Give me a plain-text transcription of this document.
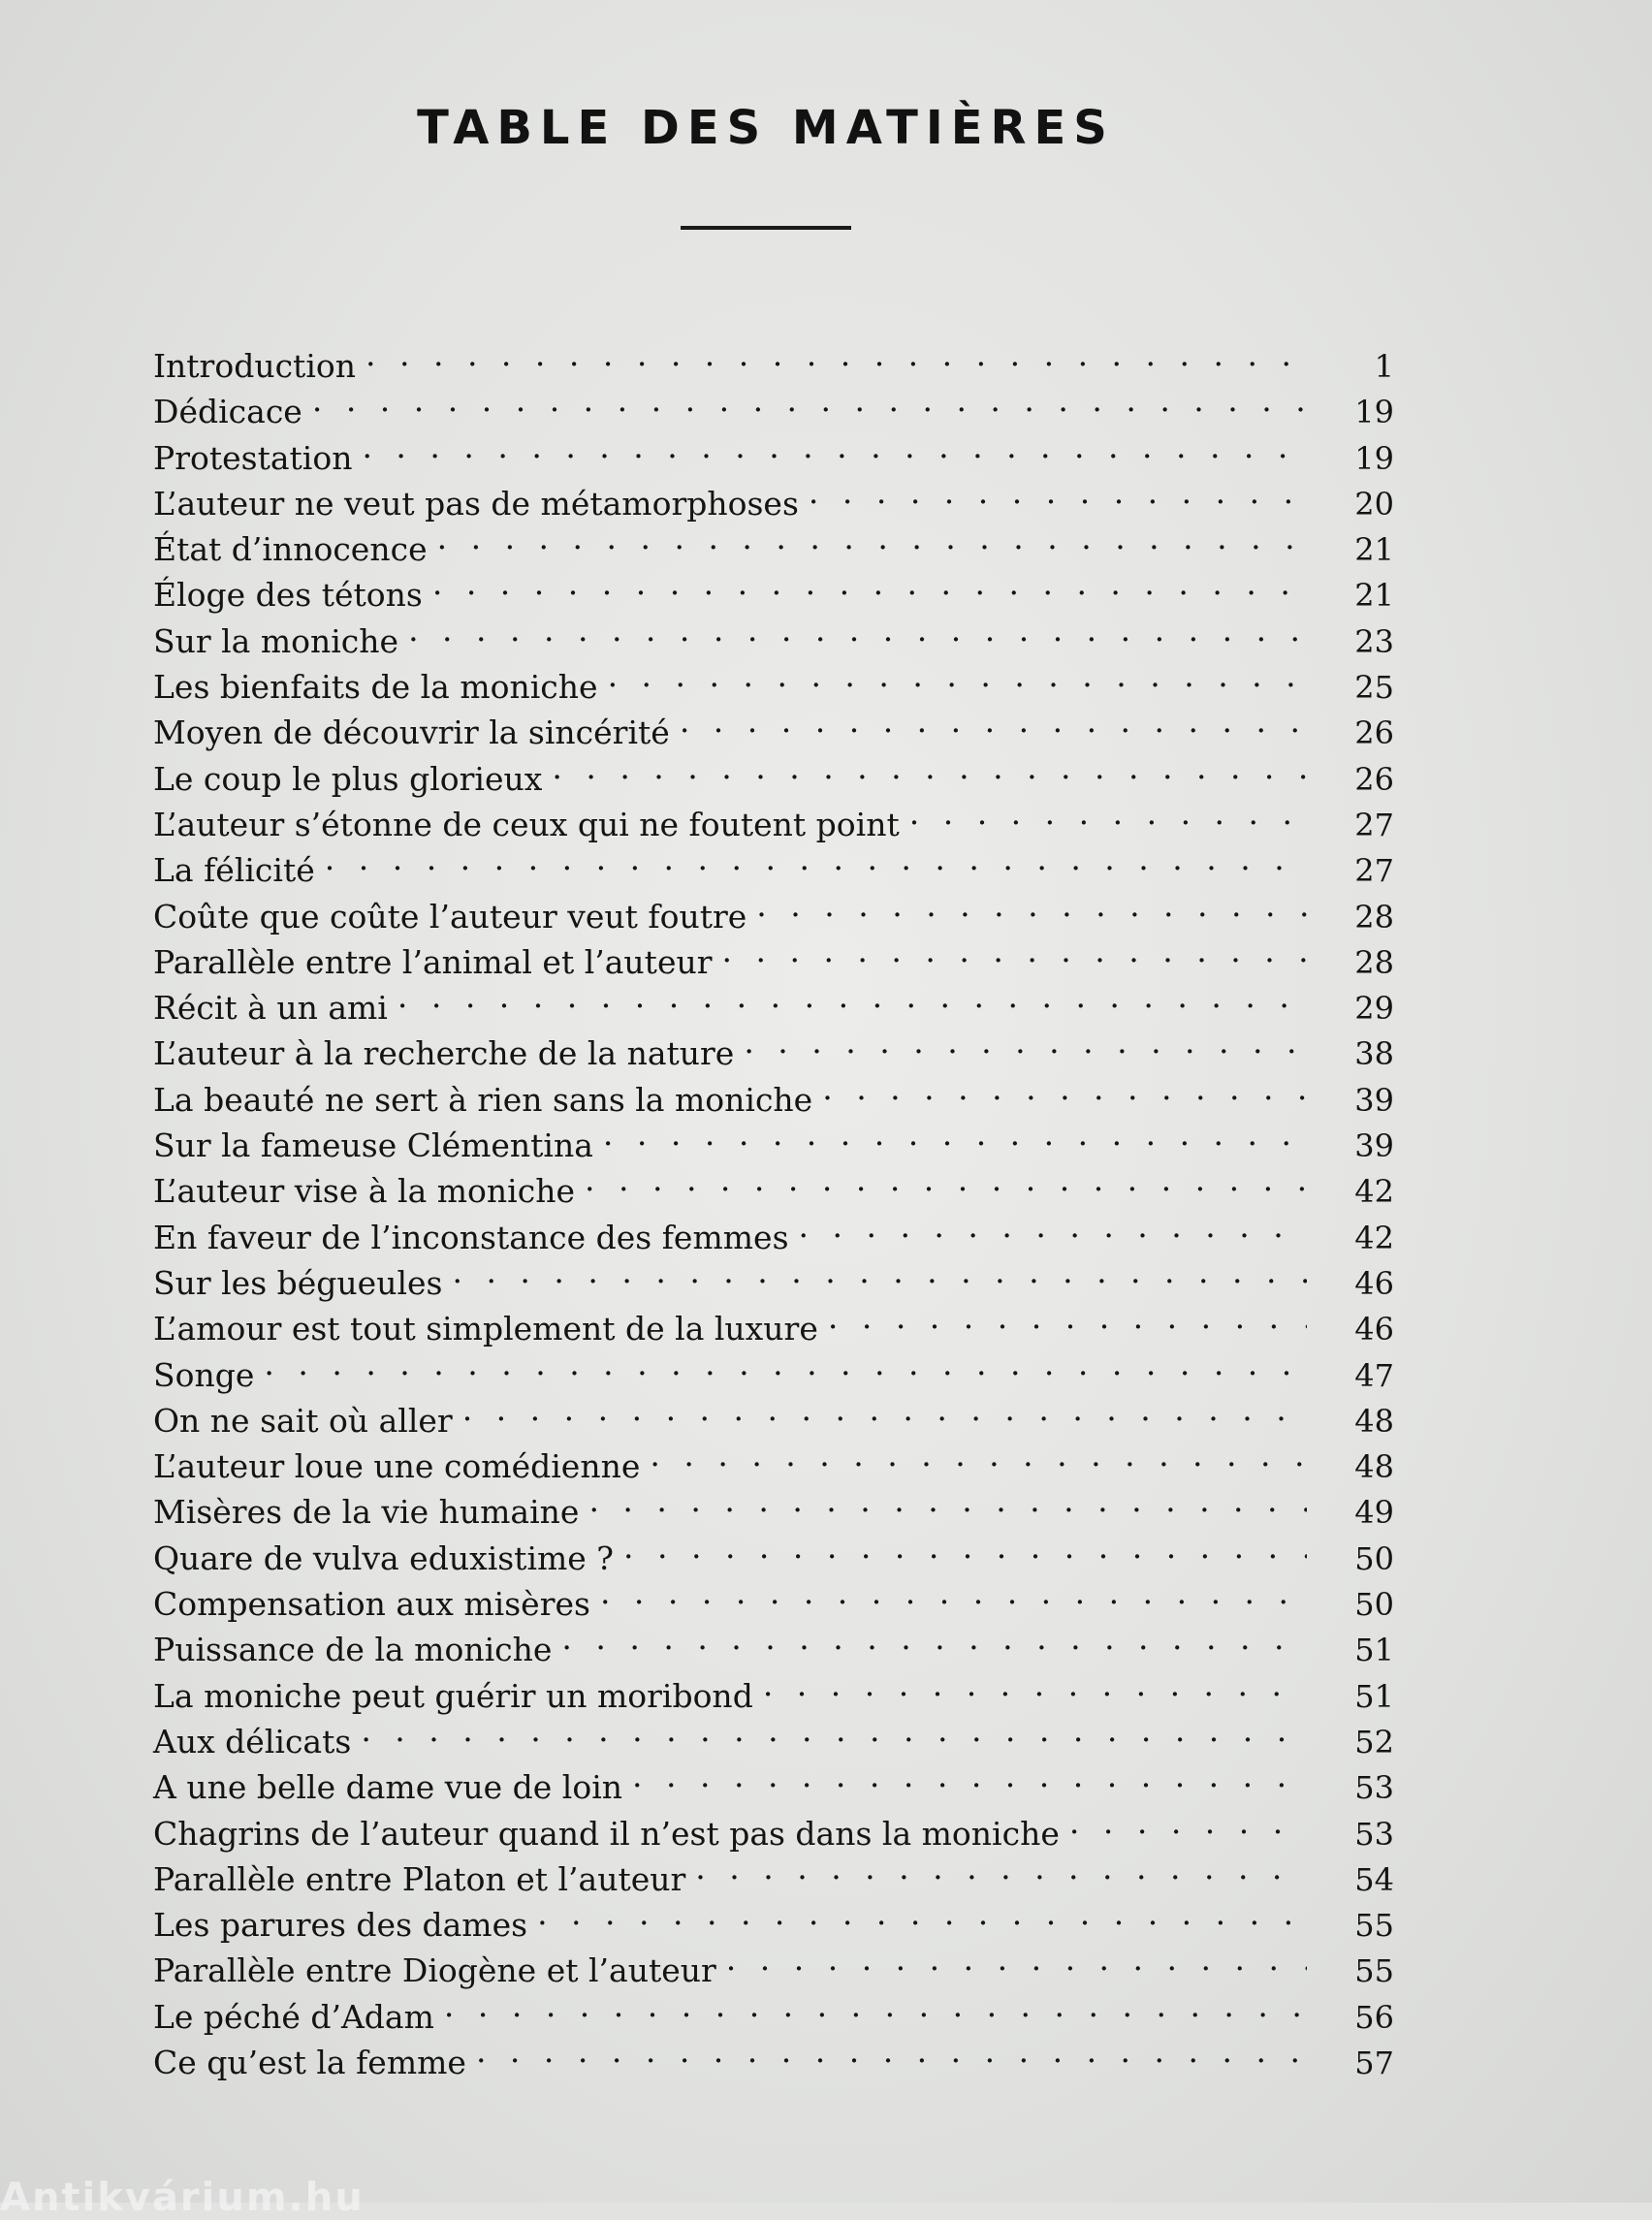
TABLE DES MATIÈRES
Introduction . . .	1
Dédicace . . .	19
Protestation . . .	19
L’auteur ne veut pas de métamorphoses . . .	20
État d’innocence . . .	21
Éloge des tétons . . .	21
Sur la moniche . . .	23
Les bienfaits de la moniche . . .	25
Moyen de découvrir la sincérité . . .	26
Le coup le plus glorieux . . .	26
L’auteur s’étonne de ceux qui ne foutent point . . .	27
La félicité . . .	27
Coûte que coûte l’auteur veut foutre . . .	28
Parallèle entre l’animal et l’auteur . . .	28
Récit à un ami . . .	29
L’auteur à la recherche de la nature . . .	38
La beauté ne sert à rien sans la moniche . . .	39
Sur la fameuse Clémentina . . .	39
L’auteur vise à la moniche . . .	42
En faveur de l’inconstance des femmes . . .	42
Sur les bégueules . . .	46
L’amour est tout simplement de la luxure . . .	46
Songe . . .	47
On ne sait où aller . . .	48
L’auteur loue une comédienne . . .	48
Misères de la vie humaine . . .	49
Quare de vulva eduxistime ? . . .	50
Compensation aux misères . . .	50
Puissance de la moniche . . .	51
La moniche peut guérir un moribond . . .	51
Aux délicats . . .	52
A une belle dame vue de loin . . .	53
Chagrins de l’auteur quand il n’est pas dans la moniche . . .	53
Parallèle entre Platon et l’auteur . . .	54
Les parures des dames . . .	55
Parallèle entre Diogène et l’auteur . . .	55
Le péché d’Adam . . .	56
Ce qu’est la femme . . .	57
Antikvárium.hu
